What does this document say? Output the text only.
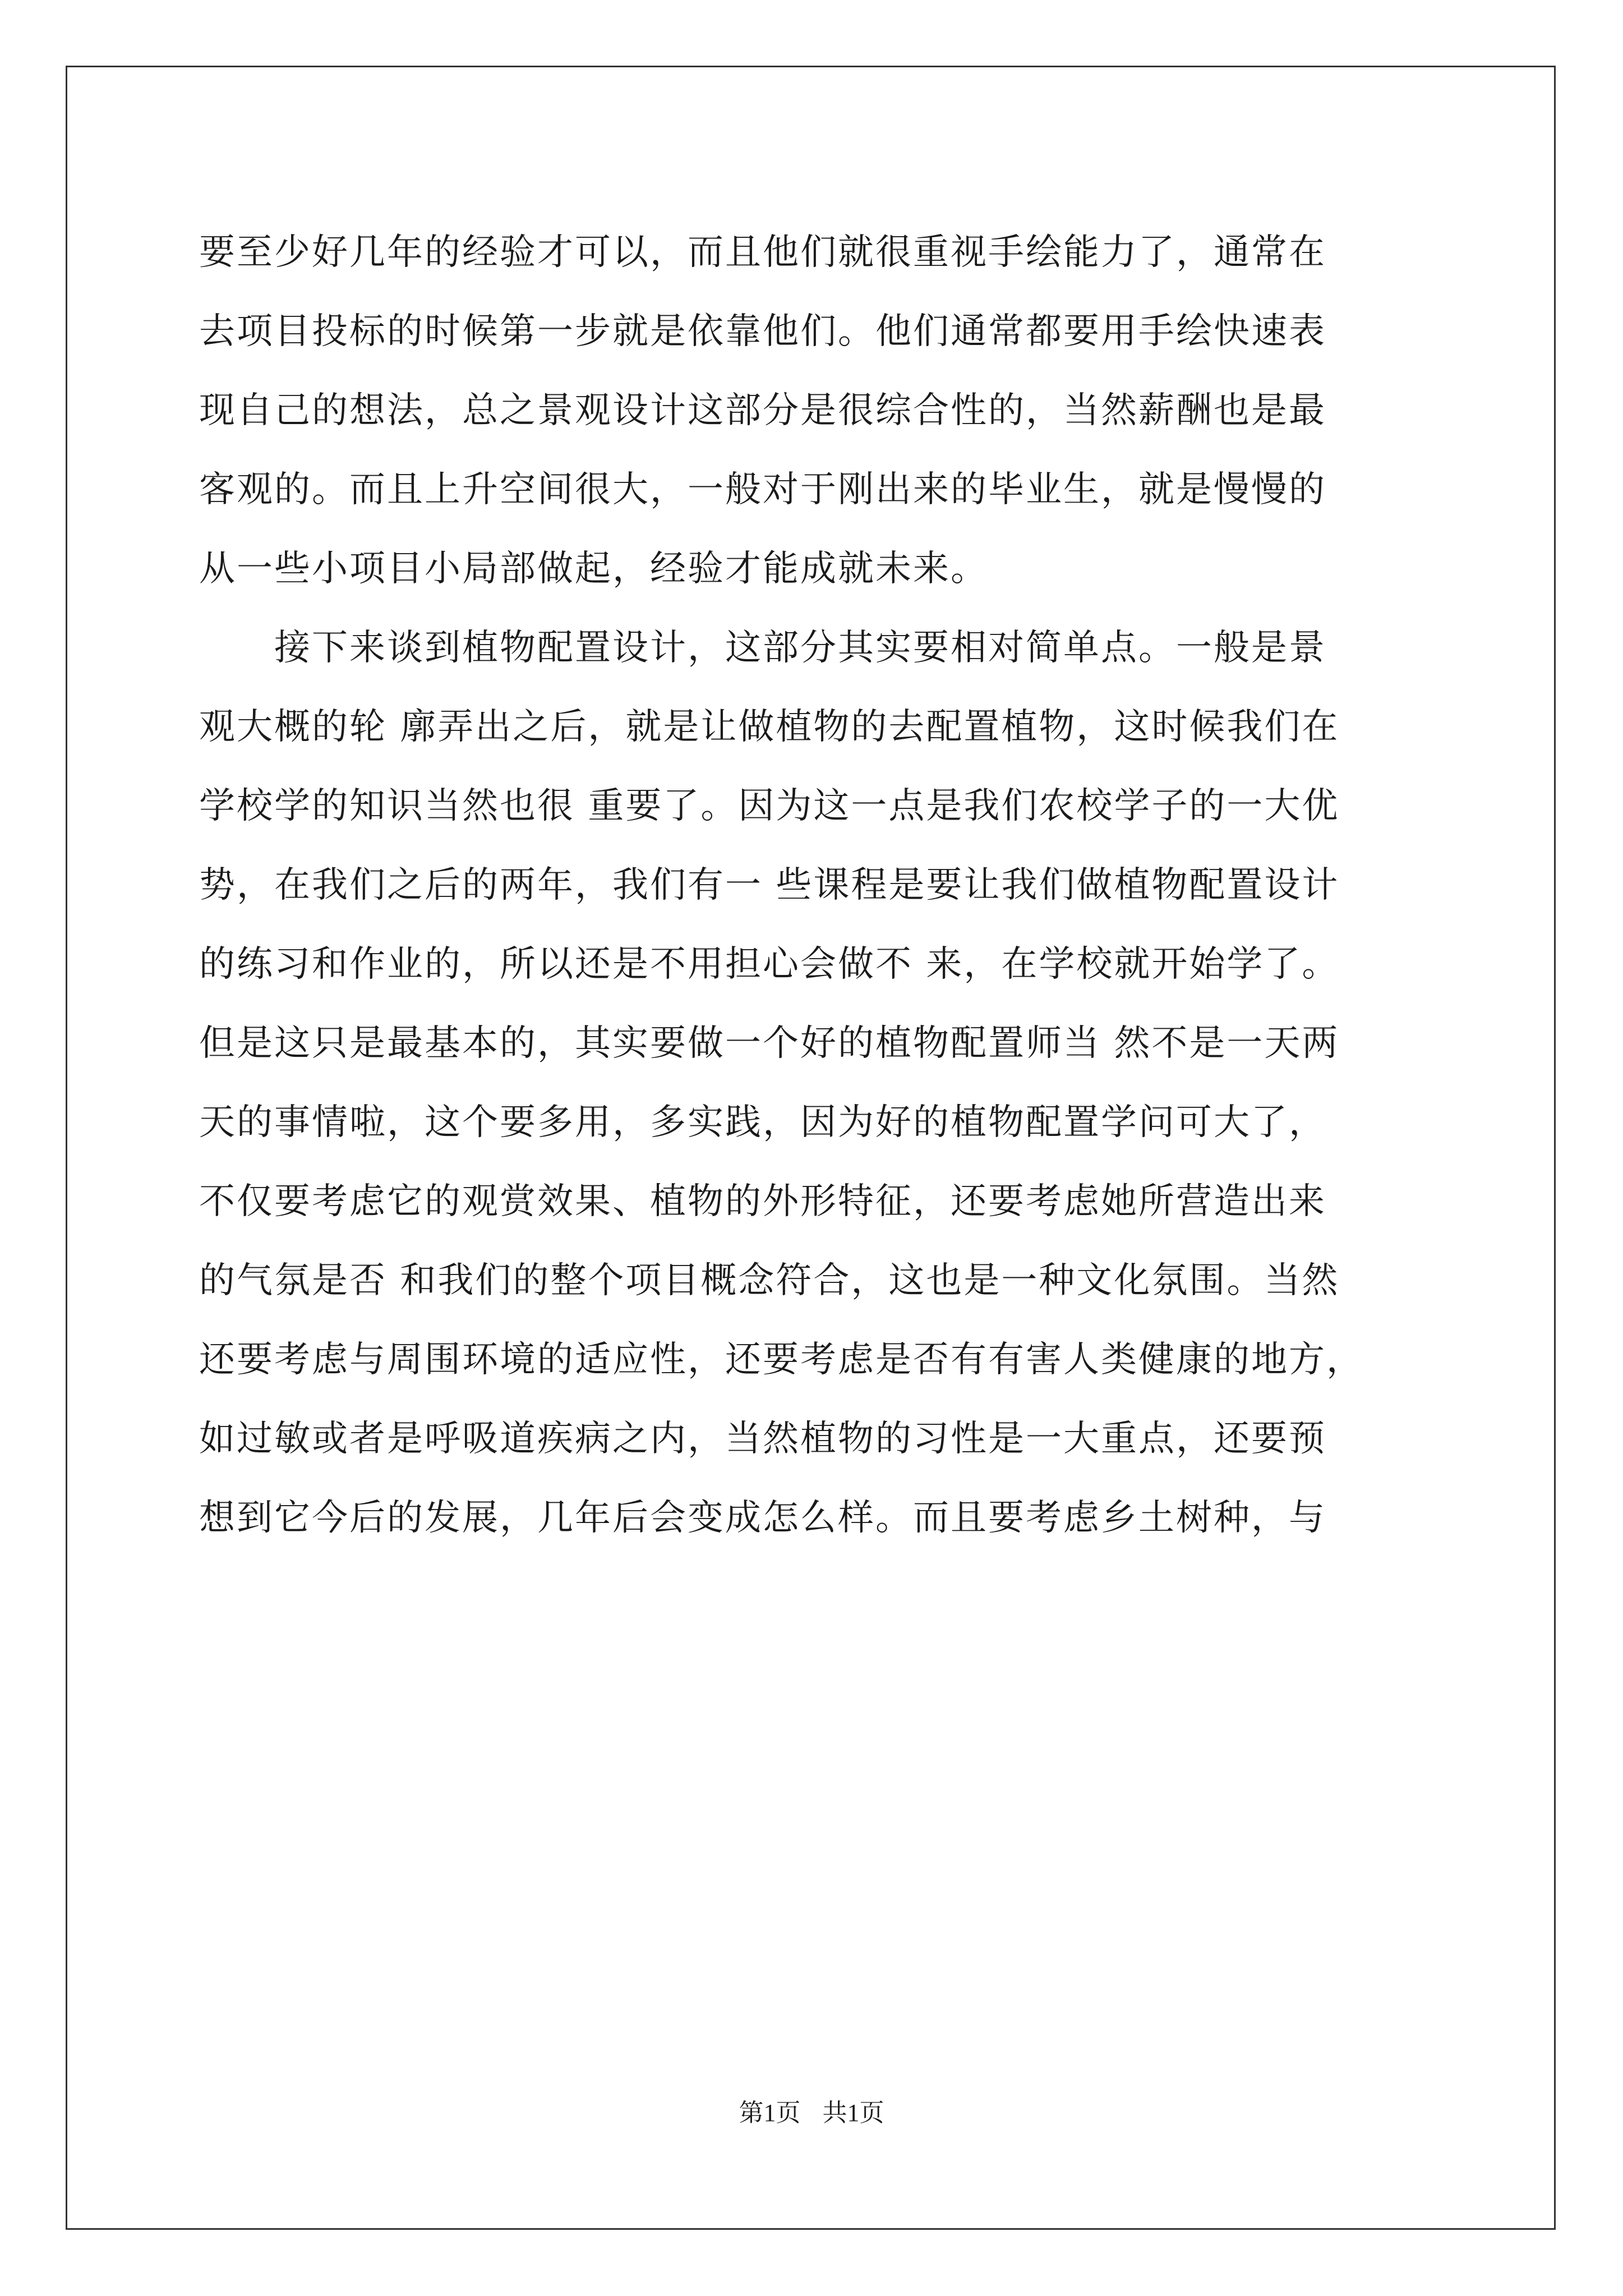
要至少好几年的经验才可以，而且他们就很重视手绘能力了，通常在
去项目投标的时候第一步就是依靠他们。他们通常都要用手绘快速表
现自己的想法，总之景观设计这部分是很综合性的，当然薪酬也是最
客观的。而且上升空间很大，一般对于刚出来的毕业生，就是慢慢的
从一些小项目小局部做起，经验才能成就未来。
　　接下来谈到植物配置设计，这部分其实要相对简单点。一般是景
观大概的轮 廓弄出之后，就是让做植物的去配置植物，这时候我们在
学校学的知识当然也很 重要了。因为这一点是我们农校学子的一大优
势，在我们之后的两年，我们有一 些课程是要让我们做植物配置设计
的练习和作业的，所以还是不用担心会做不 来，在学校就开始学了。
但是这只是最基本的，其实要做一个好的植物配置师当 然不是一天两
天的事情啦，这个要多用，多实践，因为好的植物配置学问可大了，
不仅要考虑它的观赏效果、植物的外形特征，还要考虑她所营造出来
的气氛是否 和我们的整个项目概念符合，这也是一种文化氛围。当然
还要考虑与周围环境的适应性，还要考虑是否有有害人类健康的地方，
如过敏或者是呼吸道疾病之内，当然植物的习性是一大重点，还要预
想到它今后的发展，几年后会变成怎么样。而且要考虑乡土树种，与
第1页 共1页
